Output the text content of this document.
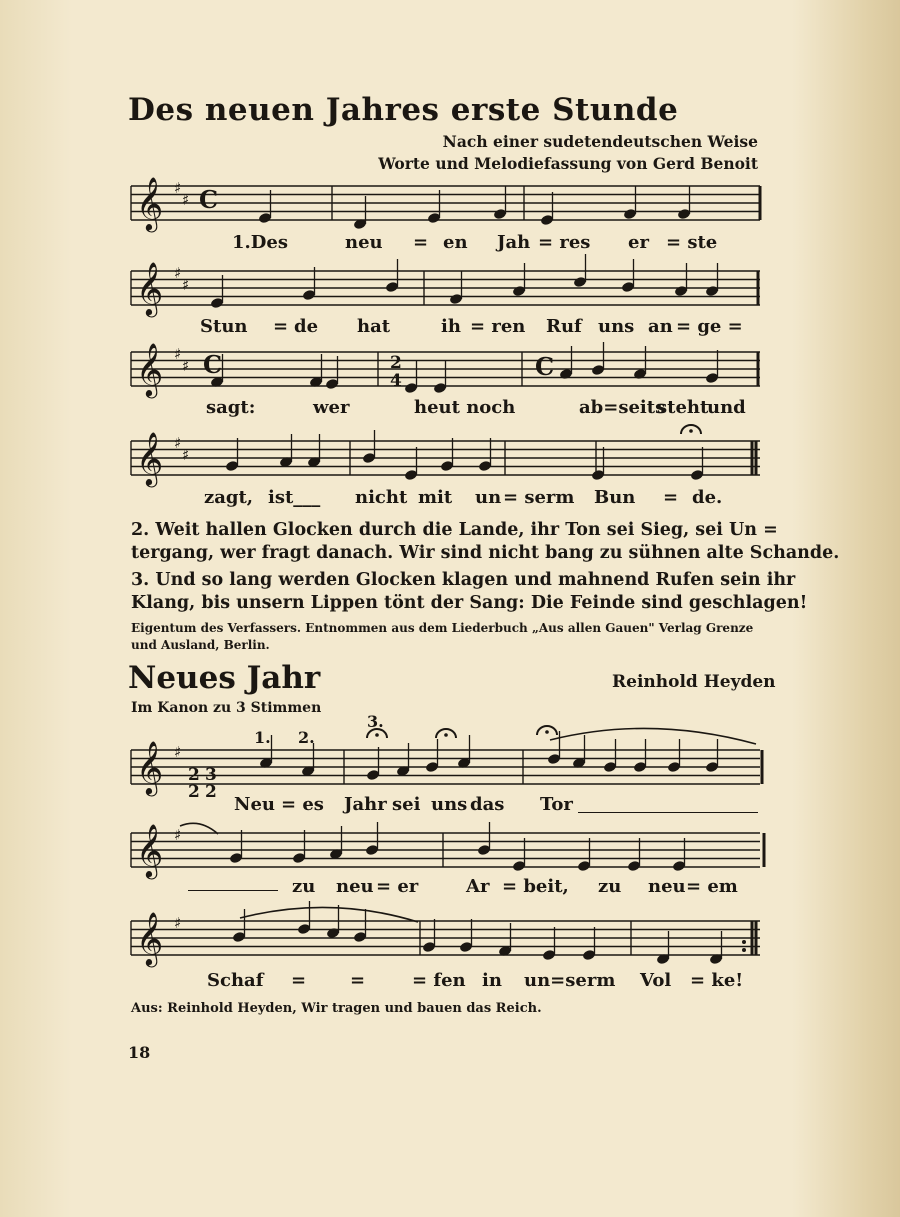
Des neuen Jahres erste Stunde
Nach einer sudetendeutschen Weise
Worte und Melodiefassung von Gerd Benoit
𝄞 ♯
♯
𝄞 ♯
♯
𝄞 ♯
♯
𝄞 ♯
♯
𝄞 ♯
𝄞 ♯
𝄞 ♯
C
C	2
4	C
2 3
2 2
1.Des	neu = en Jah = res er = ste
Stun = de hat	ih = ren Ruf uns an = ge =
sagt:	wer	heut noch	ab=seits
steht
und
zagt, ist___ nicht mit un = serm Bun = de.
2. Weit hallen Glocken durch die Lande, ihr Ton sei Sieg, sei Un =
tergang, wer fragt danach. Wir sind nicht bang zu sühnen alte Schande.
3. Und so lang werden Glocken klagen und mahnend Rufen sein ihr
Klang, bis unsern Lippen tönt der Sang: Die Feinde sind geschlagen!
Eigentum des Verfassers. Entnommen aus dem Liederbuch „Aus allen Gauen" Verlag Grenze
und Ausland, Berlin.
Neues Jahr	Reinhold Heyden
Im Kanon zu 3 Stimmen
1. 2.
3.
Neu = es Jahr sei uns das Tor
zu neu = er	Ar = beit, zu neu = em
Schaf = =	= fen in un=serm Vol = ke!
Aus: Reinhold Heyden, Wir tragen und bauen das Reich.
18
